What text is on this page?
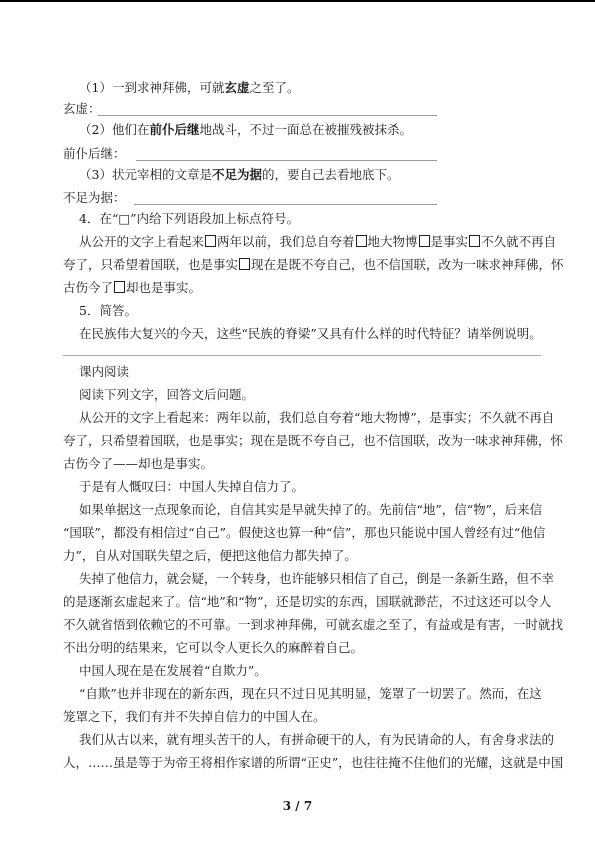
（1）一到求神拜佛，可就玄虚之至了。
玄虚：
（2）他们在前仆后继地战斗，不过一面总在被摧残被抹杀。
前仆后继：
（3）状元宰相的文章是不足为据的，要自己去看地底下。
不足为据：
4．在“□”内给下列语段加上标点符号。
从公开的文字上看起来 两年以前，我们总自夸着 地大物博 是事实 不久就不再自
夸了，只希望着国联，也是事实 现在是既不夸自己，也不信国联，改为一味求神拜佛，怀
古伤今了 却也是事实。
5．简答。
在民族伟大复兴的今天，这些“民族的脊梁”又具有什么样的时代特征？请举例说明。
课内阅读
阅读下列文字，回答文后问题。
从公开的文字上看起来：两年以前，我们总自夸着“地大物博”，是事实；不久就不再自
夸了，只希望着国联，也是事实；现在是既不夸自己，也不信国联，改为一味求神拜佛，怀
古伤今了——却也是事实。
于是有人慨叹曰：中国人失掉自信力了。
如果单据这一点现象而论，自信其实是早就失掉了的。先前信“地”，信“物”，后来信
“国联”，都没有相信过“自己”。假使这也算一种“信”，那也只能说中国人曾经有过“他信
力”，自从对国联失望之后，便把这他信力都失掉了。
失掉了他信力，就会疑，一个转身，也许能够只相信了自己，倒是一条新生路，但不幸
的是逐渐玄虚起来了。信“地”和“物”，还是切实的东西，国联就渺茫，不过这还可以令人
不久就省悟到依赖它的不可靠。一到求神拜佛，可就玄虚之至了，有益或是有害，一时就找
不出分明的结果来，它可以令人更长久的麻醉着自己。
中国人现在是在发展着“自欺力”。
“自欺”也并非现在的新东西，现在只不过日见其明显，笼罩了一切罢了。然而，在这
笼罩之下，我们有并不失掉自信力的中国人在。
我们从古以来，就有埋头苦干的人，有拼命硬干的人，有为民请命的人，有舍身求法的
人，……虽是等于为帝王将相作家谱的所谓“正史”，也往往掩不住他们的光耀，这就是中国
3 / 7
